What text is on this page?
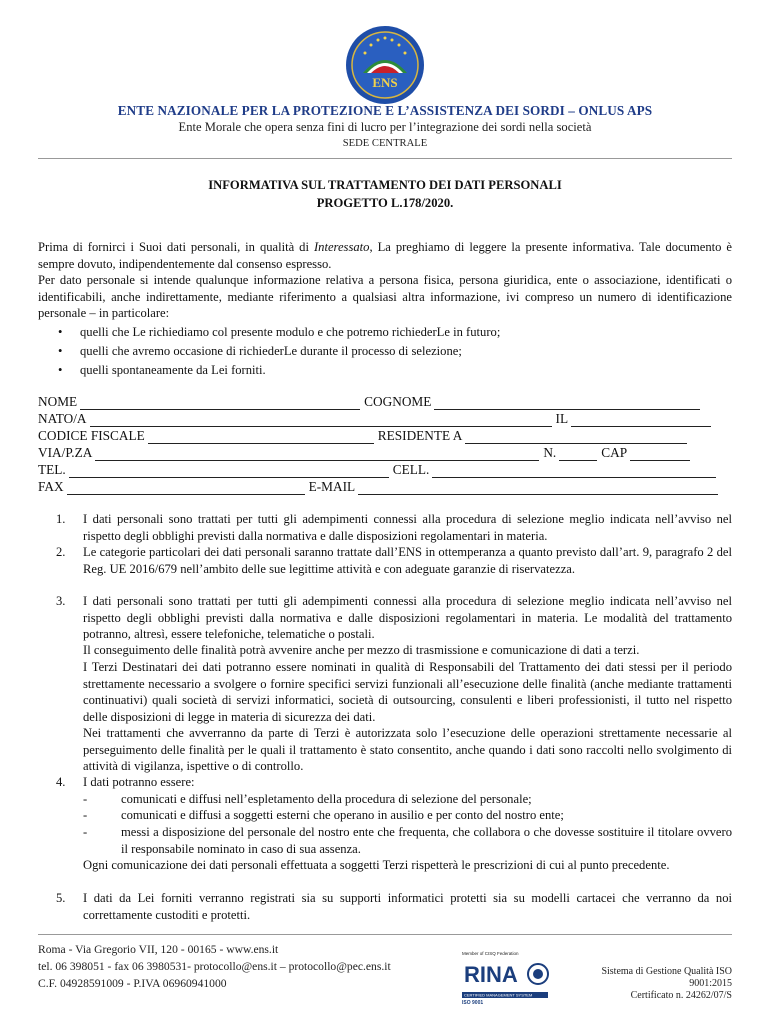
ENS
ENTE NAZIONALE PER LA PROTEZIONE E L’ASSISTENZA DEI SORDI – ONLUS APS
Ente Morale che opera senza fini di lucro per l’integrazione dei sordi nella società
SEDE CENTRALE
INFORMATIVA SUL TRATTAMENTO DEI DATI PERSONALI
PROGETTO L.178/2020.
Prima di fornirci i Suoi dati personali, in qualità di Interessato, La preghiamo di leggere la presente informativa. Tale documento è sempre dovuto, indipendentemente dal consenso espresso.
Per dato personale si intende qualunque informazione relativa a persona fisica, persona giuridica, ente o associazione, identificati o identificabili, anche indirettamente, mediante riferimento a qualsiasi altra informazione, ivi compreso un numero di identificazione personale – in particolare:
• quelli che Le richiediamo col presente modulo e che potremo richiederLe in futuro;
• quelli che avremo occasione di richiederLe durante il processo di selezione;
• quelli spontaneamente da Lei forniti.
NOME	COGNOME
NATO/A	IL
CODICE FISCALE	RESIDENTE A
VIA/P.ZA	N.	CAP
TEL.	CELL.
FAX	E-MAIL
1. I dati personali sono trattati per tutti gli adempimenti connessi alla procedura di selezione meglio indicata nell’avviso nel rispetto degli obblighi previsti dalla normativa e dalle disposizioni regolamentari in materia.
2. Le categorie particolari dei dati personali saranno trattate dall’ENS in ottemperanza a quanto previsto dall’art. 9, paragrafo 2 del Reg. UE 2016/679 nell’ambito delle sue legittime attività e con adeguate garanzie di riservatezza.
3. I dati personali sono trattati per tutti gli adempimenti connessi alla procedura di selezione meglio indicata nell’avviso nel rispetto degli obblighi previsti dalla normativa e dalle disposizioni regolamentari in materia. Le modalità del trattamento potranno, altresì, essere telefoniche, telematiche o postali.
Il conseguimento delle finalità potrà avvenire anche per mezzo di trasmissione e comunicazione di dati a terzi.
I Terzi Destinatari dei dati potranno essere nominati in qualità di Responsabili del Trattamento dei dati stessi per il periodo strettamente necessario a svolgere o fornire specifici servizi funzionali all’esecuzione delle finalità (anche mediante trattamenti continuativi) quali società di servizi informatici, società di outsourcing, consulenti e liberi professionisti, il tutto nel rispetto delle disposizioni di legge in materia di sicurezza dei dati.
Nei trattamenti che avverranno da parte di Terzi è autorizzata solo l’esecuzione delle operazioni strettamente necessarie al perseguimento delle finalità per le quali il trattamento è stato consentito, anche quando i dati sono raccolti nello svolgimento di attività di vigilanza, ispettive o di controllo.
4. I dati potranno essere:
-	comunicati e diffusi nell’espletamento della procedura di selezione del personale;
-	comunicati e diffusi a soggetti esterni che operano in ausilio e per conto del nostro ente;
-	messi a disposizione del personale del nostro ente che frequenta, che collabora o che dovesse sostituire il titolare ovvero il responsabile nominato in caso di sua assenza.
Ogni comunicazione dei dati personali effettuata a soggetti Terzi rispetterà le prescrizioni di cui al punto precedente.
5. I dati da Lei forniti verranno registrati sia su supporti informatici protetti sia su modelli cartacei che verranno da noi correttamente custoditi e protetti.
Roma - Via Gregorio VII, 120 - 00165 - www.ens.it
tel. 06 398051 - fax 06 3980531- protocollo@ens.it – protocollo@pec.ens.it
C.F. 04928591009 - P.IVA 06960941000
Member of CISQ Federation
RINA
CERTIFIED MANAGEMENT SYSTEM
ISO 9001
Sistema di Gestione Qualità ISO 9001:2015
Certificato n. 24262/07/S
